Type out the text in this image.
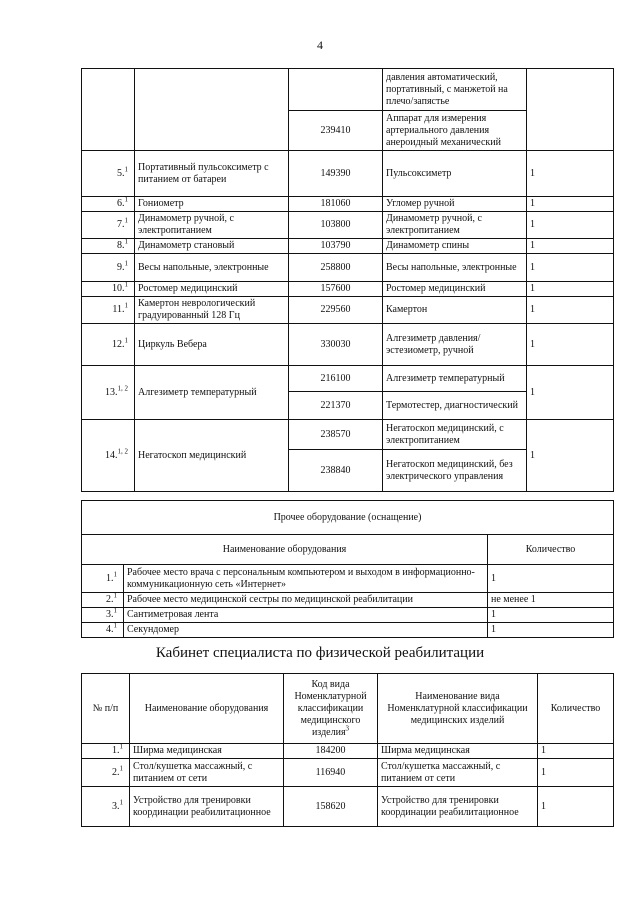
4
			давления автоматический, портативный, с манжетой на плечо/запястье	
		239410	Аппарат для измерения артериального давления анероидный механический	
5.$^1$	Портативный пульсоксиметр с питанием от батареи	149390	Пульсоксиметр	1
6.$^1$	Гониометр	181060	Угломер ручной	1
7.$^1$	Динамометр ручной, с электропитанием	103800	Динамометр ручной, с электропитанием	1
8.$^1$	Динамометр становый	103790	Динамометр спины	1
9.$^1$	Весы напольные, электронные	258800	Весы напольные, электронные	1
10.$^1$	Ростомер медицинский	157600	Ростомер медицинский	1
11.$^1$	Камертон неврологический градуированный 128 Гц	229560	Камертон	1
12.$^1$	Циркуль Вебера	330030	Алгезиметр давления/эстезиометр, ручной	1
13.$^{1, 2}$	Алгезиметр температурный	216100	Алгезиметр температурный	1
		221370	Термотестер, диагностический	
14.$^{1, 2}$	Негатоскоп медицинский	238570	Негатоскоп медицинский, с электропитанием	1
		238840	Негатоскоп медицинский, без электрического управления	
Прочее оборудование (оснащение)		
Наименование оборудования		Количество
1.$^1$	Рабочее место врача с персональным компьютером и выходом в информационно-коммуникационную сеть «Интернет»	1
2.$^1$	Рабочее место медицинской сестры по медицинской реабилитации	не менее 1
3.$^1$	Сантиметровая лента	1
4.$^1$	Секундомер	1
Кабинет специалиста по физической реабилитации
№ п/п	Наименование оборудования	Код вида Номенклатурной классификации медицинского изделия$^3$	Наименование вида Номенклатурной классификации медицинских изделий	Количество
1.$^1$	Ширма медицинская	184200	Ширма медицинская	1
2.$^1$	Стол/кушетка массажный, с питанием от сети	116940	Стол/кушетка массажный, с питанием от сети	1
3.$^1$	Устройство для тренировки координации реабилитационное	158620	Устройство для тренировки координации реабилитационное	1
